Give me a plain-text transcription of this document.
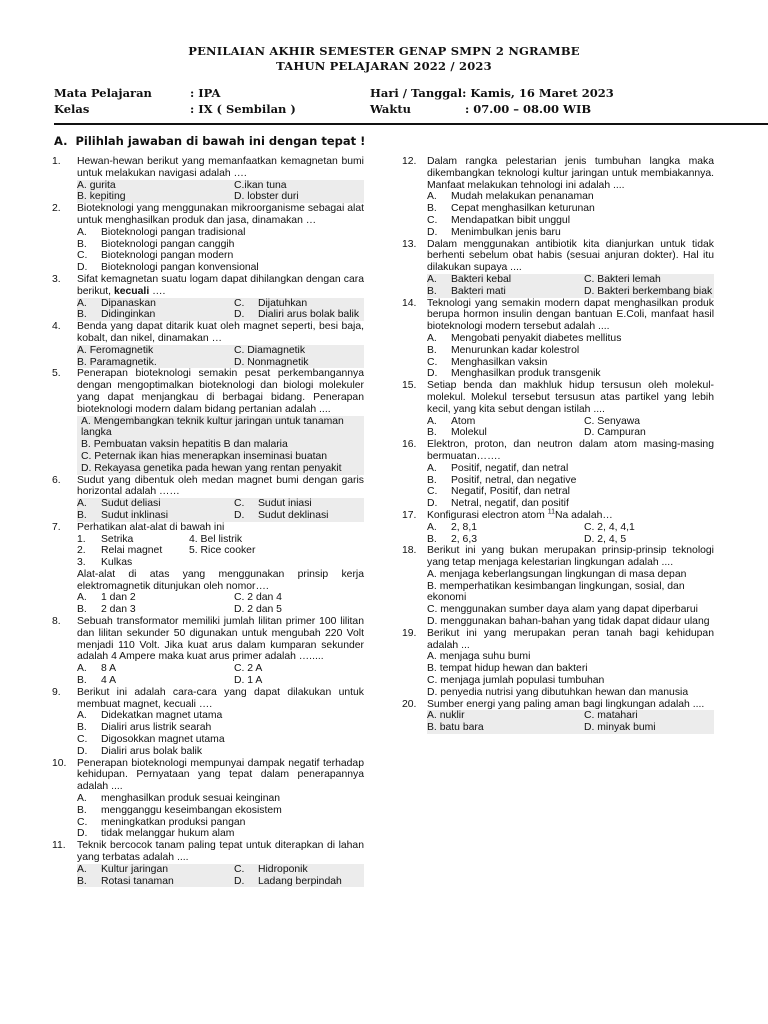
PENILAIAN AKHIR SEMESTER GENAP SMPN 2 NGRAMBE
TAHUN PELAJARAN 2022 / 2023
Mata Pelajaran	: IPA
Kelas	: IX ( Sembilan )
Hari / Tanggal: Kamis, 16 Maret 2023
Waktu	: 07.00 – 08.00 WIB
A. Pilihlah jawaban di bawah ini dengan tepat !
1.	Hewan-hewan berikut yang memanfaatkan kemagnetan bumi untuk melakukan navigasi adalah ….
A. gurita	C.ikan tuna
B. kepiting	D. lobster duri
2.	Bioteknologi yang menggunakan mikroorganisme sebagai alat untuk menghasilkan produk dan jasa, dinamakan …
A.	Bioteknologi pangan tradisional
B.	Bioteknologi pangan canggih
C.	Bioteknologi pangan modern
D.	Bioteknologi pangan konvensional
3.	Sifat kemagnetan suatu logam dapat dihilangkan dengan cara berikut, kecuali ….
A.	Dipanaskan	C.	Dijatuhkan
B.	Didinginkan	D.	Dialiri arus bolak balik
4.	Benda yang dapat ditarik kuat oleh magnet seperti, besi baja, kobalt, dan nikel, dinamakan …
A. Feromagnetik	C. Diamagnetik
B. Paramagnetik.	D. Nonmagnetik
5.	Penerapan bioteknologi semakin pesat perkembangannya dengan mengoptimalkan bioteknologi dan biologi molekuler yang dapat menjangkau di berbagai bidang. Penerapan bioteknologi modern dalam bidang pertanian adalah ....
A. Mengembangkan teknik kultur jaringan untuk tanaman langka
B. Pembuatan vaksin hepatitis B dan malaria
C. Peternak ikan hias menerapkan inseminasi buatan
D. Rekayasa genetika pada hewan yang rentan penyakit
6.	Sudut yang dibentuk oleh medan magnet bumi dengan garis horizontal adalah ……
A.	Sudut deliasi	C.	Sudut iniasi
B.	Sudut inklinasi	D.	Sudut deklinasi
7.	Perhatikan alat-alat di bawah ini
1.	Setrika	4. Bel listrik
2.	Relai magnet	5. Rice cooker
3.	Kulkas
Alat-alat di atas yang menggunakan prinsip kerja elektromagnetik ditunjukan oleh nomor….
A.	1 dan 2	C. 2 dan 4
B.	2 dan 3	D. 2 dan 5
8.	Sebuah transformator memiliki jumlah lilitan primer 100 lilitan dan lilitan sekunder 50 digunakan untuk mengubah 220 Volt menjadi 110 Volt. Jika kuat arus dalam kumparan sekunder adalah 4 Ampere maka kuat arus primer adalah ….....
A.	8 A	C. 2 A
B.	4 A	D. 1 A
9.	Berikut ini adalah cara-cara yang dapat dilakukan untuk membuat magnet, kecuali ….
A.	Didekatkan magnet utama
B.	Dialiri arus listrik searah
C.	Digosokkan magnet utama
D.	Dialiri arus bolak balik
10.	Penerapan bioteknologi mempunyai dampak negatif terhadap kehidupan. Pernyataan yang tepat dalam penerapannya adalah ....
A.	menghasilkan produk sesuai keinginan
B.	mengganggu keseimbangan ekosistem
C.	meningkatkan produksi pangan
D.	tidak melanggar hukum alam
11.	Teknik bercocok tanam paling tepat untuk diterapkan di lahan yang terbatas adalah ....
A.	Kultur jaringan	C.	Hidroponik
B.	Rotasi tanaman	D.	Ladang berpindah
12.	Dalam rangka pelestarian jenis tumbuhan langka maka dikembangkan teknologi kultur jaringan untuk membiakannya. Manfaat melakukan tehnologi ini adalah ....
A.	Mudah melakukan penanaman
B.	Cepat menghasilkan keturunan
C.	Mendapatkan bibit unggul
D.	Menimbulkan jenis baru
13.	Dalam menggunakan antibiotik kita dianjurkan untuk tidak berhenti sebelum obat habis (sesuai anjuran dokter). Hal itu dilakukan supaya ....
A.	Bakteri kebal	C. Bakteri lemah
B.	Bakteri mati	D. Bakteri berkembang biak
14.	Teknologi yang semakin modern dapat menghasilkan produk berupa hormon insulin dengan bantuan E.Coli, manfaat hasil bioteknologi modern tersebut adalah ....
A.	Mengobati penyakit diabetes mellitus
B.	Menurunkan kadar kolestrol
C.	Menghasilkan vaksin
D.	Menghasilkan produk transgenik
15.	Setiap benda dan makhluk hidup tersusun oleh molekul-molekul. Molekul tersebut tersusun atas partikel yang lebih kecil, yang kita sebut dengan istilah ....
A.	Atom	C. Senyawa
B.	Molekul	D. Campuran
16.	Elektron, proton, dan neutron dalam atom masing-masing bermuatan…….
A.	Positif, negatif, dan netral
B.	Positif, netral, dan negative
C.	Negatif, Positif, dan netral
D.	Netral, negatif, dan positif
17.	Konfigurasi electron atom $^{11}$Na adalah…
A.	2, 8,1	C. 2, 4, 4,1
B.	2, 6,3	D. 2, 4, 5
18.	Berikut ini yang bukan merupakan prinsip-prinsip teknologi yang tetap menjaga kelestarian lingkungan adalah ....
A. menjaga keberlangsungan lingkungan di masa depan
B. memperhatikan kesimbangan lingkungan, sosial, dan ekonomi
C. menggunakan sumber daya alam yang dapat diperbarui
D. menggunakan bahan-bahan yang tidak dapat didaur ulang
19.	Berikut ini yang merupakan peran tanah bagi kehidupan adalah ...
A. menjaga suhu bumi
B. tempat hidup hewan dan bakteri
C. menjaga jumlah populasi tumbuhan
D. penyedia nutrisi yang dibutuhkan hewan dan manusia
20.	Sumber energi yang paling aman bagi lingkungan adalah ....
A. nuklir	C. matahari
B. batu bara	D. minyak bumi
